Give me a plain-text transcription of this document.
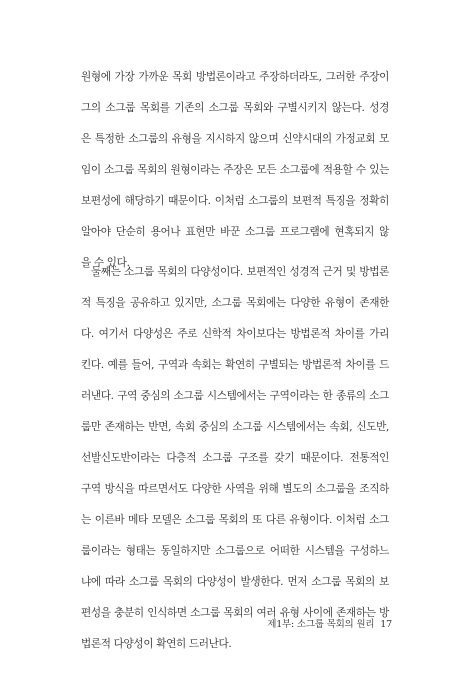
원형에 가장 가까운 목회 방법론이라고 주장하더라도, 그러한 주장이
그의 소그룹 목회를 기존의 소그룹 목회와 구별시키지 않는다. 성경
은 특정한 소그룹의 유형을 지시하지 않으며 신약시대의 가정교회 모
임이 소그룹 목회의 원형이라는 주장은 모든 소그룹에 적용할 수 있는
보편성에 해당하기 때문이다. 이처럼 소그룹의 보편적 특징을 정확히
알아야 단순히 용어나 표현만 바꾼 소그룹 프로그램에 현혹되지 않
을 수 있다.
둘째는 소그룹 목회의 다양성이다. 보편적인 성경적 근거 및 방법론
적 특징을 공유하고 있지만, 소그룹 목회에는 다양한 유형이 존재한
다. 여기서 다양성은 주로 신학적 차이보다는 방법론적 차이를 가리
킨다. 예를 들어, 구역과 속회는 확연히 구별되는 방법론적 차이를 드
러낸다. 구역 중심의 소그룹 시스템에서는 구역이라는 한 종류의 소그
룹만 존재하는 반면, 속회 중심의 소그룹 시스템에서는 속회, 신도반,
선발신도반이라는 다층적 소그룹 구조를 갖기 때문이다. 전통적인
구역 방식을 따르면서도 다양한 사역을 위해 별도의 소그룹을 조직하
는 이른바 메타 모델은 소그룹 목회의 또 다른 유형이다. 이처럼 소그
룹이라는 형태는 동일하지만 소그룹으로 어떠한 시스템을 구성하느
냐에 따라 소그룹 목회의 다양성이 발생한다. 먼저 소그룹 목회의 보
편성을 충분히 인식하면 소그룹 목회의 여러 유형 사이에 존재하는 방
법론적 다양성이 확연히 드러난다.
제1부: 소그룹 목회의 원리 17
